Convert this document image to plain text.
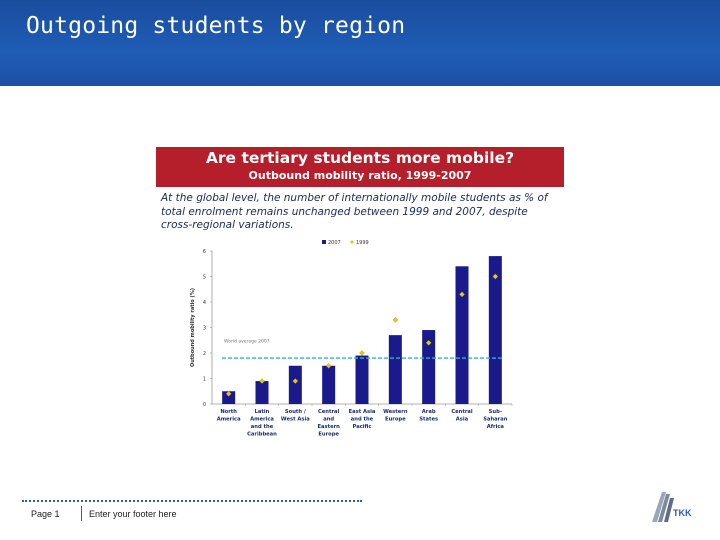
Outgoing students by region
Are tertiary students more mobile?
Outbound mobility ratio, 1999-2007
At the global level, the number of internationally mobile students as % of total enrolment remains unchanged between 1999 and 2007, despite cross-regional variations.
0
1
2
3
4
5
6
Outbound mobility ratio (%)
2007	1999
North
America
Latin
America
and the
Caribbean
South /
West Asia
Central
and
Eastern
Europe
East Asia
and the
Pacific
Western
Europe
Arab
States
Central
Asia
Sub-
Saharan
Africa
World average 2007
Page 1	Enter your footer here	TKK
